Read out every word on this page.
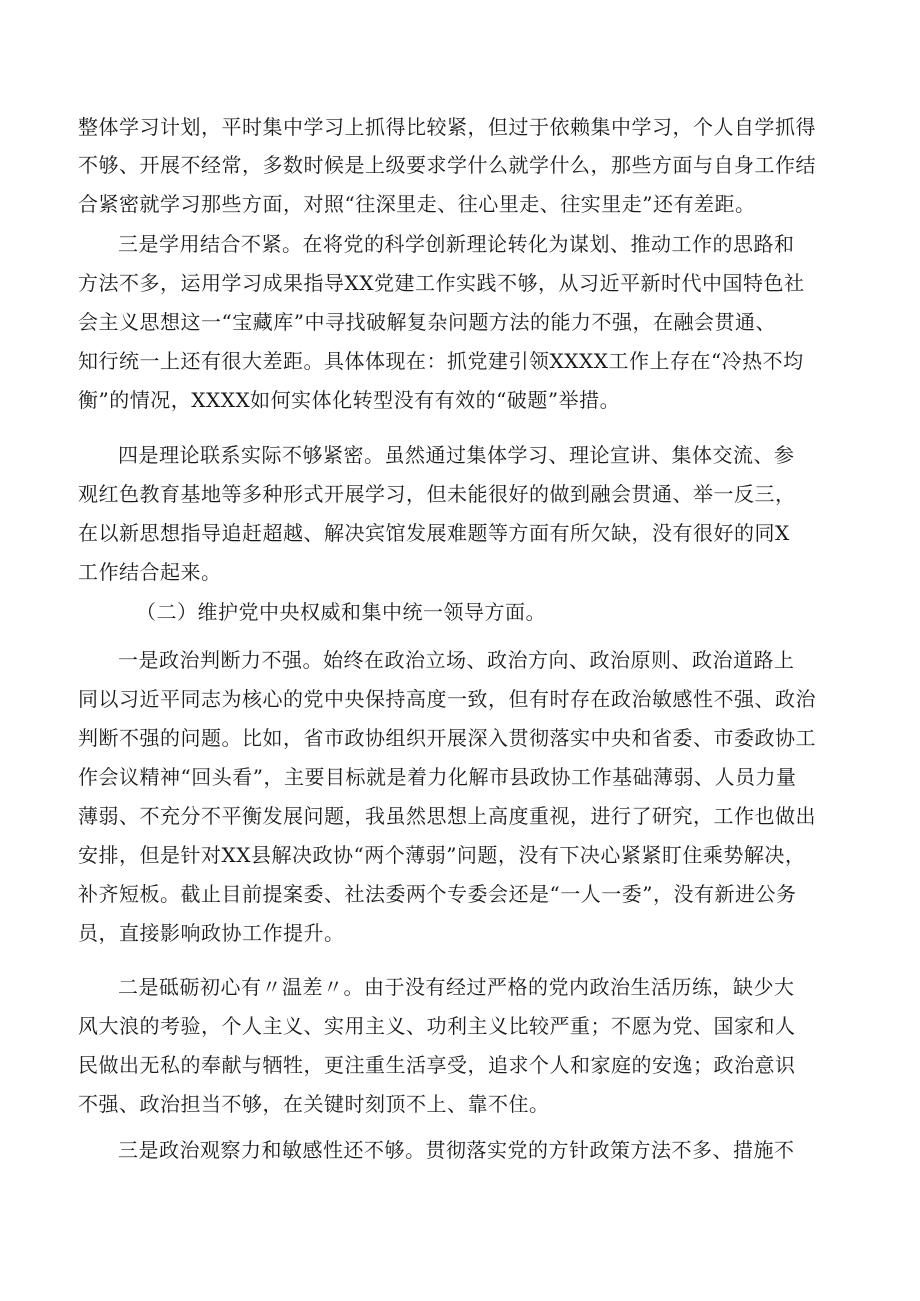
整体学习计划，平时集中学习上抓得比较紧，但过于依赖集中学习，个人自学抓得
不够、开展不经常，多数时候是上级要求学什么就学什么，那些方面与自身工作结
合紧密就学习那些方面，对照“往深里走、往心里走、往实里走”还有差距。
三是学用结合不紧。在将党的科学创新理论转化为谋划、推动工作的思路和
方法不多，运用学习成果指导XX党建工作实践不够，从习近平新时代中国特色社
会主义思想这一“宝藏库”中寻找破解复杂问题方法的能力不强，在融会贯通、
知行统一上还有很大差距。具体体现在：抓党建引领XXXX工作上存在“冷热不均
衡”的情况，XXXX如何实体化转型没有有效的“破题”举措。
四是理论联系实际不够紧密。虽然通过集体学习、理论宣讲、集体交流、参
观红色教育基地等多种形式开展学习，但未能很好的做到融会贯通、举一反三，
在以新思想指导追赶超越、解决宾馆发展难题等方面有所欠缺，没有很好的同X
工作结合起来。
（二）维护党中央权威和集中统一领导方面。
一是政治判断力不强。始终在政治立场、政治方向、政治原则、政治道路上
同以习近平同志为核心的党中央保持高度一致，但有时存在政治敏感性不强、政治
判断不强的问题。比如，省市政协组织开展深入贯彻落实中央和省委、市委政协工
作会议精神“回头看”，主要目标就是着力化解市县政协工作基础薄弱、人员力量
薄弱、不充分不平衡发展问题，我虽然思想上高度重视，进行了研究，工作也做出
安排，但是针对XX县解决政协“两个薄弱”问题，没有下决心紧紧盯住乘势解决，
补齐短板。截止目前提案委、社法委两个专委会还是“一人一委”，没有新进公务
员，直接影响政协工作提升。
二是砥砺初心有〃温差〃。由于没有经过严格的党内政治生活历练，缺少大
风大浪的考验，个人主义、实用主义、功利主义比较严重；不愿为党、国家和人
民做出无私的奉献与牺牲，更注重生活享受，追求个人和家庭的安逸；政治意识
不强、政治担当不够，在关键时刻顶不上、靠不住。
三是政治观察力和敏感性还不够。贯彻落实党的方针政策方法不多、措施不
